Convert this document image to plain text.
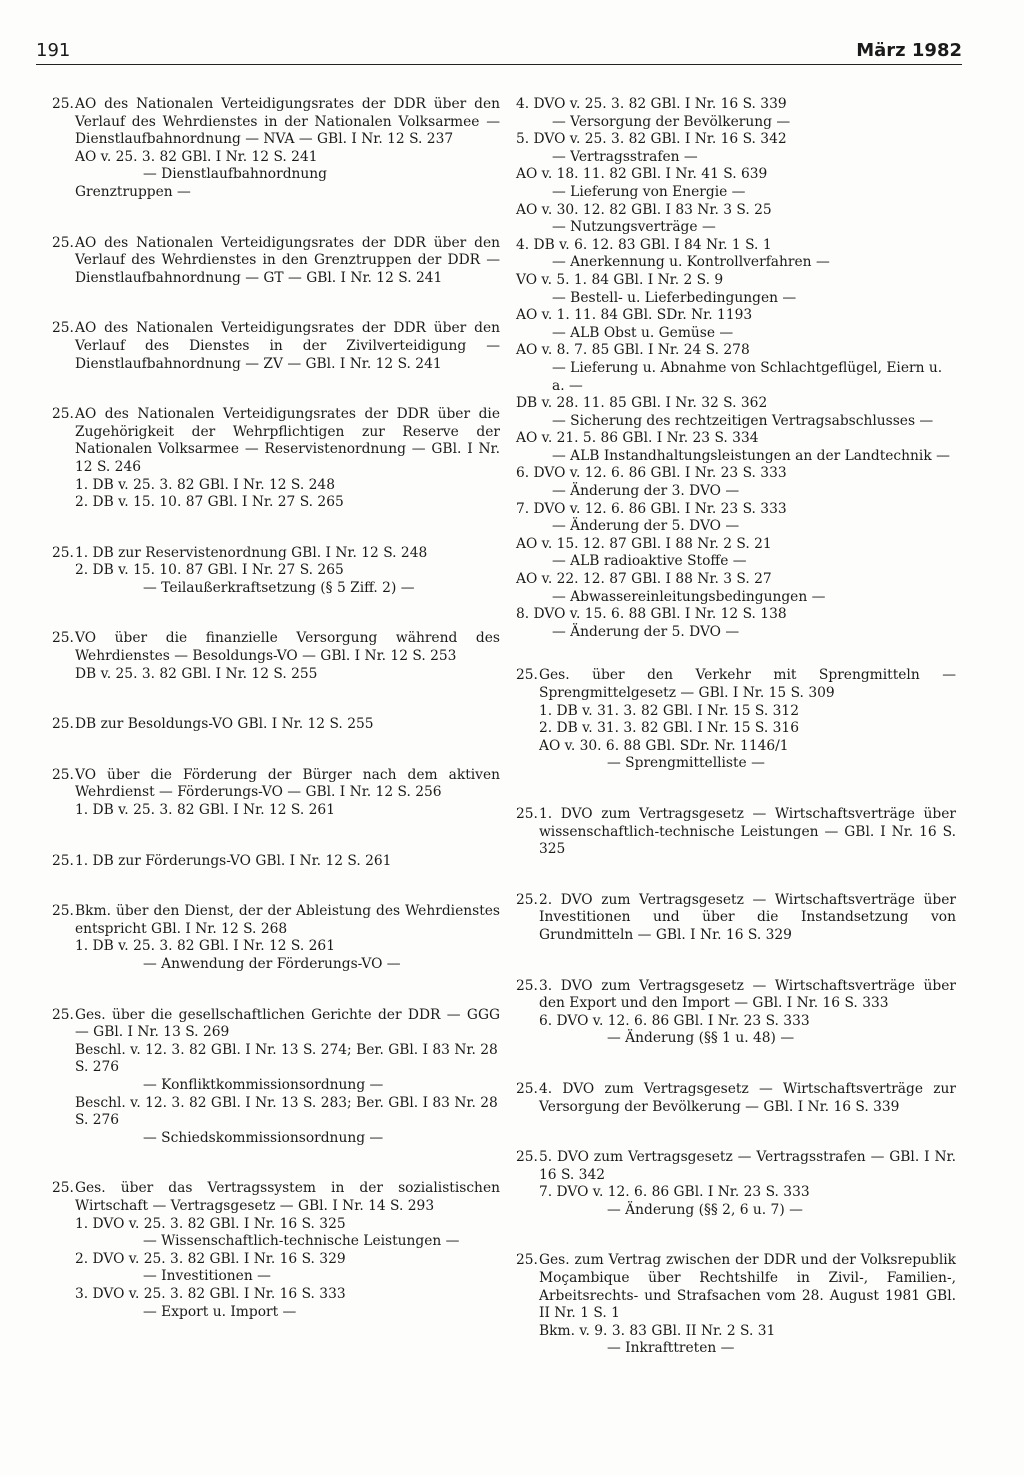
191	März 1982
25. AO des Nationalen Verteidigungsrates der DDR über den Verlauf des Wehrdienstes in der Nationalen Volksarmee — Dienstlaufbahnordnung — NVA — GBl. I Nr. 12 S. 237
AO v. 25. 3. 82 GBl. I Nr. 12 S. 241
— Dienstlaufbahnordnung
Grenztruppen —
25. AO des Nationalen Verteidigungsrates der DDR über den Verlauf des Wehrdienstes in den Grenztruppen der DDR — Dienstlaufbahnordnung — GT — GBl. I Nr. 12 S. 241
25. AO des Nationalen Verteidigungsrates der DDR über den Verlauf des Dienstes in der Zivilverteidigung — Dienstlaufbahnordnung — ZV — GBl. I Nr. 12 S. 241
25. AO des Nationalen Verteidigungsrates der DDR über die Zugehörigkeit der Wehrpflichtigen zur Reserve der Nationalen Volksarmee — Reservistenordnung — GBl. I Nr. 12 S. 246
1. DB v. 25. 3. 82 GBl. I Nr. 12 S. 248
2. DB v. 15. 10. 87 GBl. I Nr. 27 S. 265
25. 1. DB zur Reservistenordnung GBl. I Nr. 12 S. 248
2. DB v. 15. 10. 87 GBl. I Nr. 27 S. 265
— Teilaußerkraftsetzung (§ 5 Ziff. 2) —
25. VO über die finanzielle Versorgung während des Wehrdienstes — Besoldungs-VO — GBl. I Nr. 12 S. 253
DB v. 25. 3. 82 GBl. I Nr. 12 S. 255
25. DB zur Besoldungs-VO GBl. I Nr. 12 S. 255
25. VO über die Förderung der Bürger nach dem aktiven Wehrdienst — Förderungs-VO — GBl. I Nr. 12 S. 256
1. DB v. 25. 3. 82 GBl. I Nr. 12 S. 261
25. 1. DB zur Förderungs-VO GBl. I Nr. 12 S. 261
25. Bkm. über den Dienst, der der Ableistung des Wehrdienstes entspricht GBl. I Nr. 12 S. 268
1. DB v. 25. 3. 82 GBl. I Nr. 12 S. 261
— Anwendung der Förderungs-VO —
25. Ges. über die gesellschaftlichen Gerichte der DDR — GGG — GBl. I Nr. 13 S. 269
Beschl. v. 12. 3. 82 GBl. I Nr. 13 S. 274; Ber. GBl. I 83 Nr. 28 S. 276
— Konfliktkommissionsordnung —
Beschl. v. 12. 3. 82 GBl. I Nr. 13 S. 283; Ber. GBl. I 83 Nr. 28 S. 276
— Schiedskommissionsordnung —
25. Ges. über das Vertragssystem in der sozialistischen Wirtschaft — Vertragsgesetz — GBl. I Nr. 14 S. 293
1. DVO v. 25. 3. 82 GBl. I Nr. 16 S. 325
— Wissenschaftlich-technische Leistungen —
2. DVO v. 25. 3. 82 GBl. I Nr. 16 S. 329
— Investitionen —
3. DVO v. 25. 3. 82 GBl. I Nr. 16 S. 333
— Export u. Import —
4. DVO v. 25. 3. 82 GBl. I Nr. 16 S. 339
— Versorgung der Bevölkerung —
5. DVO v. 25. 3. 82 GBl. I Nr. 16 S. 342
— Vertragsstrafen —
AO v. 18. 11. 82 GBl. I Nr. 41 S. 639
— Lieferung von Energie —
AO v. 30. 12. 82 GBl. I 83 Nr. 3 S. 25
— Nutzungsverträge —
4. DB v. 6. 12. 83 GBl. I 84 Nr. 1 S. 1
— Anerkennung u. Kontrollverfahren —
VO v. 5. 1. 84 GBl. I Nr. 2 S. 9
— Bestell- u. Lieferbedingungen —
AO v. 1. 11. 84 GBl. SDr. Nr. 1193
— ALB Obst u. Gemüse —
AO v. 8. 7. 85 GBl. I Nr. 24 S. 278
— Lieferung u. Abnahme von Schlachtgeflügel, Eiern u. a. —
DB v. 28. 11. 85 GBl. I Nr. 32 S. 362
— Sicherung des rechtzeitigen Vertragsabschlusses —
AO v. 21. 5. 86 GBl. I Nr. 23 S. 334
— ALB Instandhaltungsleistungen an der Landtechnik —
6. DVO v. 12. 6. 86 GBl. I Nr. 23 S. 333
— Änderung der 3. DVO —
7. DVO v. 12. 6. 86 GBl. I Nr. 23 S. 333
— Änderung der 5. DVO —
AO v. 15. 12. 87 GBl. I 88 Nr. 2 S. 21
— ALB radioaktive Stoffe —
AO v. 22. 12. 87 GBl. I 88 Nr. 3 S. 27
— Abwassereinleitungsbedingungen —
8. DVO v. 15. 6. 88 GBl. I Nr. 12 S. 138
— Änderung der 5. DVO —
25. Ges. über den Verkehr mit Sprengmitteln — Sprengmittelgesetz — GBl. I Nr. 15 S. 309
1. DB v. 31. 3. 82 GBl. I Nr. 15 S. 312
2. DB v. 31. 3. 82 GBl. I Nr. 15 S. 316
AO v. 30. 6. 88 GBl. SDr. Nr. 1146/1
— Sprengmittelliste —
25. 1. DVO zum Vertragsgesetz — Wirtschaftsverträge über wissenschaftlich-technische Leistungen — GBl. I Nr. 16 S. 325
25. 2. DVO zum Vertragsgesetz — Wirtschaftsverträge über Investitionen und über die Instandsetzung von Grundmitteln — GBl. I Nr. 16 S. 329
25. 3. DVO zum Vertragsgesetz — Wirtschaftsverträge über den Export und den Import — GBl. I Nr. 16 S. 333
6. DVO v. 12. 6. 86 GBl. I Nr. 23 S. 333
— Änderung (§§ 1 u. 48) —
25. 4. DVO zum Vertragsgesetz — Wirtschaftsverträge zur Versorgung der Bevölkerung — GBl. I Nr. 16 S. 339
25. 5. DVO zum Vertragsgesetz — Vertragsstrafen — GBl. I Nr. 16 S. 342
7. DVO v. 12. 6. 86 GBl. I Nr. 23 S. 333
— Änderung (§§ 2, 6 u. 7) —
25. Ges. zum Vertrag zwischen der DDR und der Volksrepublik Moçambique über Rechtshilfe in Zivil-, Familien-, Arbeitsrechts- und Strafsachen vom 28. August 1981 GBl. II Nr. 1 S. 1
Bkm. v. 9. 3. 83 GBl. II Nr. 2 S. 31
— Inkrafttreten —
